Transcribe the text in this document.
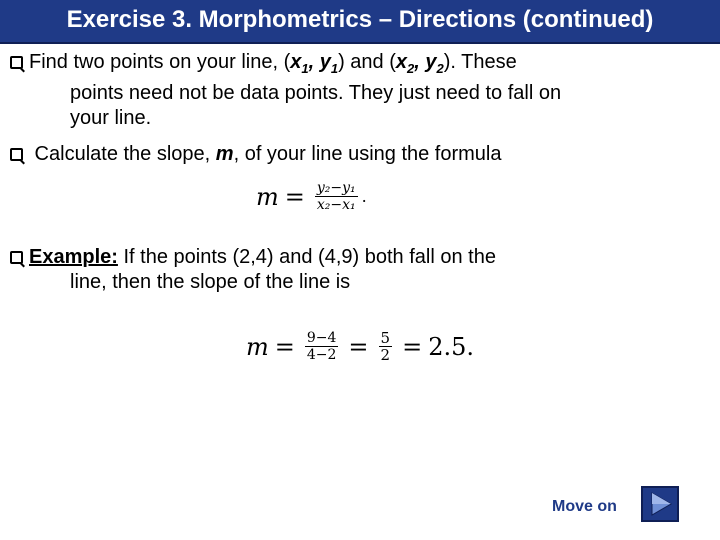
Exercise 3. Morphometrics – Directions (continued)
Find two points on your line, ($x_1$, $y_1$) and ($x_2$, $y_2$). These
points need not be data points. They just need to fall on
your line.
Calculate the slope, m, of your line using the formula
$m = \frac{\text{y₂−y₁}}{\text{x₂−x₁}}$ .
Example: If the points (2,4) and (4,9) both fall on the
line, then the slope of the line is
$m = \frac{9-4}{4-2} = \frac{5}{2} = 2.5$.
Move on
